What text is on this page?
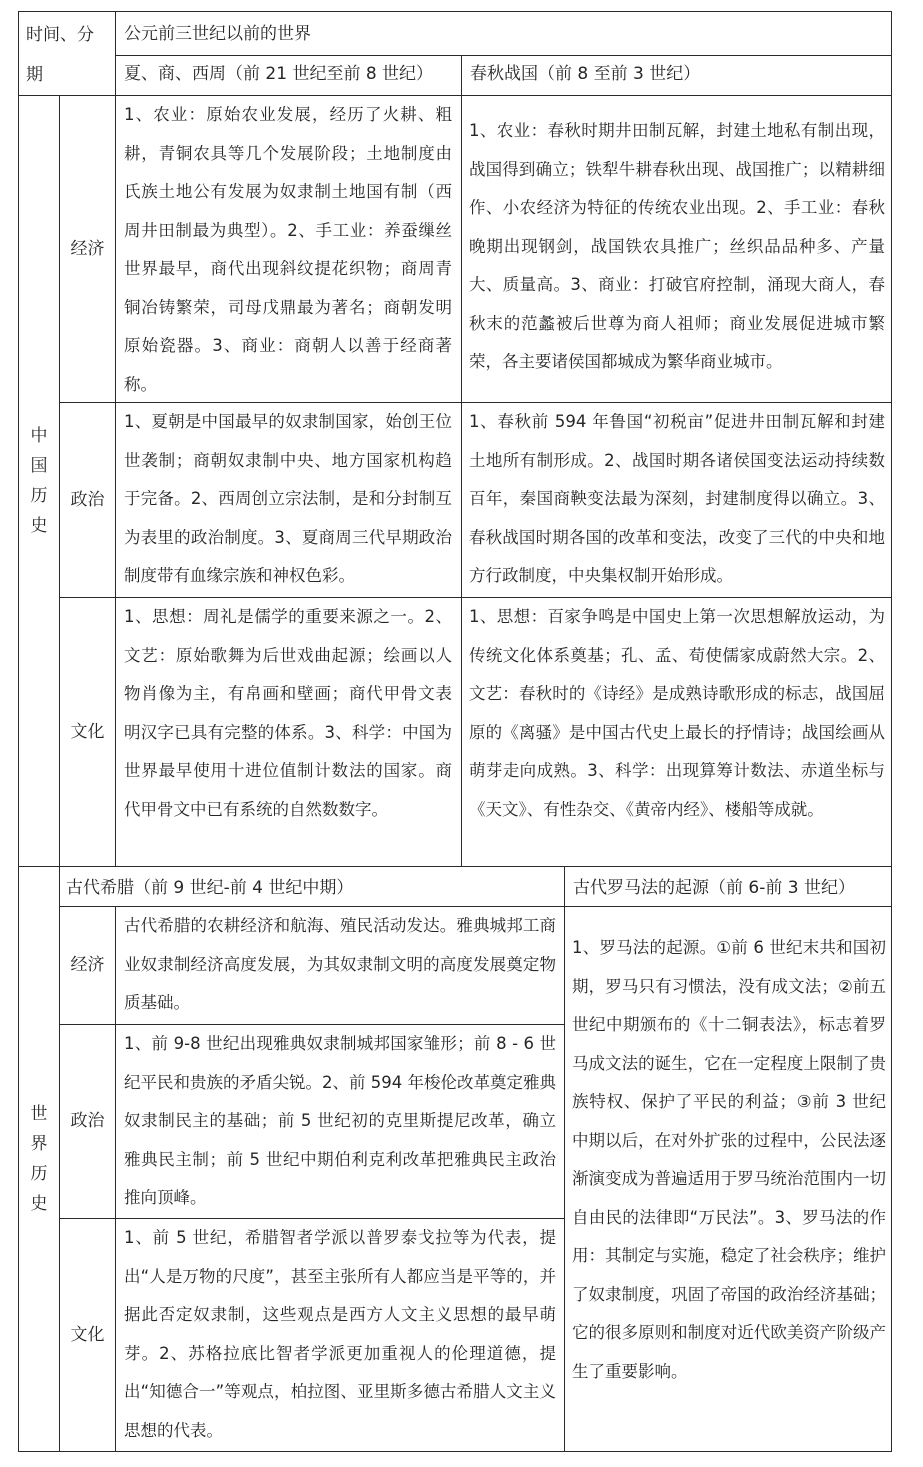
时间、分
期
公元前三世纪以前的世界
夏、商、西周（前 21 世纪至前 8 世纪）	春秋战国（前 8 至前 3 世纪）
中
国
历
史
经济
1、农业：原始农业发展，经历了火耕、粗耕，青铜农具等几个发展阶段；土地制度由氏族土地公有发展为奴隶制土地国有制（西周井田制最为典型）。2、手工业：养蚕缫丝世界最早，商代出现斜纹提花织物；商周青铜冶铸繁荣，司母戊鼎最为著名；商朝发明原始瓷器。3、商业：商朝人以善于经商著称。
1、农业：春秋时期井田制瓦解，封建土地私有制出现，战国得到确立；铁犁牛耕春秋出现、战国推广；以精耕细作、小农经济为特征的传统农业出现。2、手工业：春秋晚期出现钢剑，战国铁农具推广；丝织品品种多、产量大、质量高。3、商业：打破官府控制，涌现大商人，春秋末的范蠡被后世尊为商人祖师；商业发展促进城市繁荣，各主要诸侯国都城成为繁华商业城市。
政治
1、夏朝是中国最早的奴隶制国家，始创王位世袭制；商朝奴隶制中央、地方国家机构趋于完备。2、西周创立宗法制，是和分封制互为表里的政治制度。3、夏商周三代早期政治制度带有血缘宗族和神权色彩。
1、春秋前 594 年鲁国“初税亩”促进井田制瓦解和封建土地所有制形成。2、战国时期各诸侯国变法运动持续数百年，秦国商鞅变法最为深刻，封建制度得以确立。3、春秋战国时期各国的改革和变法，改变了三代的中央和地方行政制度，中央集权制开始形成。
文化
1、思想：周礼是儒学的重要来源之一。2、文艺：原始歌舞为后世戏曲起源；绘画以人物肖像为主，有帛画和壁画；商代甲骨文表明汉字已具有完整的体系。3、科学：中国为世界最早使用十进位值制计数法的国家。商代甲骨文中已有系统的自然数数字。
1、思想：百家争鸣是中国史上第一次思想解放运动，为传统文化体系奠基；孔、孟、荀使儒家成蔚然大宗。2、文艺：春秋时的《诗经》是成熟诗歌形成的标志，战国屈原的《离骚》是中国古代史上最长的抒情诗；战国绘画从萌芽走向成熟。3、科学：出现算筹计数法、赤道坐标与《天文》、有性杂交、《黄帝内经》、楼船等成就。
世
界
历
史
古代希腊（前 9 世纪-前 4 世纪中期）	古代罗马法的起源（前 6-前 3 世纪）
经济
古代希腊的农耕经济和航海、殖民活动发达。雅典城邦工商业奴隶制经济高度发展，为其奴隶制文明的高度发展奠定物质基础。
政治
1、前 9-8 世纪出现雅典奴隶制城邦国家雏形；前 8 - 6 世纪平民和贵族的矛盾尖锐。2、前 594 年梭伦改革奠定雅典奴隶制民主的基础；前 5 世纪初的克里斯提尼改革，确立雅典民主制；前 5 世纪中期伯利克利改革把雅典民主政治推向顶峰。
文化
1、前 5 世纪，希腊智者学派以普罗泰戈拉等为代表，提出“人是万物的尺度”，甚至主张所有人都应当是平等的，并据此否定奴隶制，这些观点是西方人文主义思想的最早萌芽。2、苏格拉底比智者学派更加重视人的伦理道德，提出“知德合一”等观点，柏拉图、亚里斯多德古希腊人文主义思想的代表。
1、罗马法的起源。①前 6 世纪末共和国初期，罗马只有习惯法，没有成文法；②前五世纪中期颁布的《十二铜表法》，标志着罗马成文法的诞生，它在一定程度上限制了贵族特权、保护了平民的利益；③前 3 世纪中期以后，在对外扩张的过程中，公民法逐渐演变成为普遍适用于罗马统治范围内一切自由民的法律即“万民法”。3、罗马法的作用：其制定与实施，稳定了社会秩序；维护了奴隶制度，巩固了帝国的政治经济基础；它的很多原则和制度对近代欧美资产阶级产生了重要影响。
